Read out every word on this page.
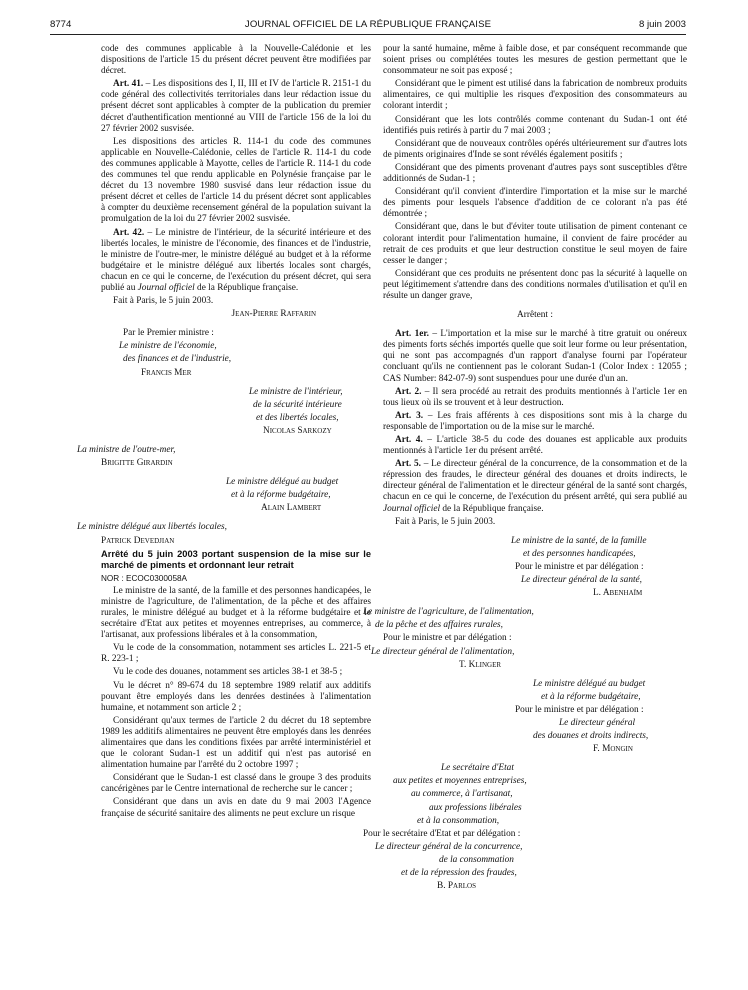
8774	JOURNAL OFFICIEL DE LA RÉPUBLIQUE FRANÇAISE	8 juin 2003

code des communes applicable à la Nouvelle-Calédonie et les dispositions de l'article 15 du présent décret peuvent être modifiées par décret.

Art. 41. – Les dispositions des I, II, III et IV de l'article R. 2151-1 du code général des collectivités territoriales dans leur rédaction issue du présent décret sont applicables à compter de la publication du premier décret d'authentification mentionné au VIII de l'article 156 de la loi du 27 février 2002 susvisée.

Les dispositions des articles R. 114-1 du code des communes applicable en Nouvelle-Calédonie, celles de l'article R. 114-1 du code des communes applicable à Mayotte, celles de l'article R. 114-1 du code des communes tel que rendu applicable en Polynésie française par le décret du 13 novembre 1980 susvisé dans leur rédaction issue du présent décret et celles de l'article 14 du présent décret sont applicables à compter du deuxième recensement général de la population suivant la promulgation de la loi du 27 février 2002 susvisée.

Art. 42. – Le ministre de l'intérieur, de la sécurité intérieure et des libertés locales, le ministre de l'économie, des finances et de l'industrie, le ministre de l'outre-mer, le ministre délégué au budget et à la réforme budgétaire et le ministre délégué aux libertés locales sont chargés, chacun en ce qui le concerne, de l'exécution du présent décret, qui sera publié au Journal officiel de la République française.

Fait à Paris, le 5 juin 2003.

Jean-Pierre Raffarin

Par le Premier ministre :

Le ministre de l'économie,

des finances et de l'industrie,

Francis Mer

Le ministre de l'intérieur,

de la sécurité intérieure

et des libertés locales,

Nicolas Sarkozy

La ministre de l'outre-mer,

Brigitte Girardin

Le ministre délégué au budget

et à la réforme budgétaire,

Alain Lambert

Le ministre délégué aux libertés locales,

Patrick Devedjian

Arrêté du 5 juin 2003 portant suspension de la mise sur le marché de piments et ordonnant leur retrait

NOR : ECOC0300058A

Le ministre de la santé, de la famille et des personnes handicapées, le ministre de l'agriculture, de l'alimentation, de la pêche et des affaires rurales, le ministre délégué au budget et à la réforme budgétaire et le secrétaire d'Etat aux petites et moyennes entreprises, au commerce, à l'artisanat, aux professions libérales et à la consommation,

Vu le code de la consommation, notamment ses articles L. 221-5 et R. 223-1 ;

Vu le code des douanes, notamment ses articles 38-1 et 38-5 ;

Vu le décret n° 89-674 du 18 septembre 1989 relatif aux additifs pouvant être employés dans les denrées destinées à l'alimentation humaine, et notamment son article 2 ;

Considérant qu'aux termes de l'article 2 du décret du 18 septembre 1989 les additifs alimentaires ne peuvent être employés dans les denrées alimentaires que dans les conditions fixées par arrêté interministériel et que le colorant Sudan-1 est un additif qui n'est pas autorisé en alimentation humaine par l'arrêté du 2 octobre 1997 ;

Considérant que le Sudan-1 est classé dans le groupe 3 des produits cancérigènes par le Centre international de recherche sur le cancer ;

Considérant que dans un avis en date du 9 mai 2003 l'Agence française de sécurité sanitaire des aliments ne peut exclure un risque

pour la santé humaine, même à faible dose, et par conséquent recommande que soient prises ou complétées toutes les mesures de gestion permettant que le consommateur ne soit pas exposé ;

Considérant que le piment est utilisé dans la fabrication de nombreux produits alimentaires, ce qui multiplie les risques d'exposition des consommateurs au colorant interdit ;

Considérant que les lots contrôlés comme contenant du Sudan-1 ont été identifiés puis retirés à partir du 7 mai 2003 ;

Considérant que de nouveaux contrôles opérés ultérieurement sur d'autres lots de piments originaires d'Inde se sont révélés également positifs ;

Considérant que des piments provenant d'autres pays sont susceptibles d'être additionnés de Sudan-1 ;

Considérant qu'il convient d'interdire l'importation et la mise sur le marché des piments pour lesquels l'absence d'addition de ce colorant n'a pas été démontrée ;

Considérant que, dans le but d'éviter toute utilisation de piment contenant ce colorant interdit pour l'alimentation humaine, il convient de faire procéder au retrait de ces produits et que leur destruction constitue le seul moyen de faire cesser le danger ;

Considérant que ces produits ne présentent donc pas la sécurité à laquelle on peut légitimement s'attendre dans des conditions normales d'utilisation et qu'il en résulte un danger grave,

Arrêtent :

Art. 1er. – L'importation et la mise sur le marché à titre gratuit ou onéreux des piments forts séchés importés quelle que soit leur forme ou leur présentation, qui ne sont pas accompagnés d'un rapport d'analyse fourni par l'opérateur concluant qu'ils ne contiennent pas le colorant Sudan-1 (Color Index : 12055 ; CAS Number: 842-07-9) sont suspendues pour une durée d'un an.

Art. 2. – Il sera procédé au retrait des produits mentionnés à l'article 1er en tous lieux où ils se trouvent et à leur destruction.

Art. 3. – Les frais afférents à ces dispositions sont mis à la charge du responsable de l'importation ou de la mise sur le marché.

Art. 4. – L'article 38-5 du code des douanes est applicable aux produits mentionnés à l'article 1er du présent arrêté.

Art. 5. – Le directeur général de la concurrence, de la consommation et de la répression des fraudes, le directeur général des douanes et droits indirects, le directeur général de l'alimentation et le directeur général de la santé sont chargés, chacun en ce qui le concerne, de l'exécution du présent arrêté, qui sera publié au Journal officiel de la République française.

Fait à Paris, le 5 juin 2003.

Le ministre de la santé, de la famille

et des personnes handicapées,

Pour le ministre et par délégation :

Le directeur général de la santé,

L. Abenhaïm

Le ministre de l'agriculture, de l'alimentation,

de la pêche et des affaires rurales,

Pour le ministre et par délégation :

Le directeur général de l'alimentation,

T. Klinger

Le ministre délégué au budget

et à la réforme budgétaire,

Pour le ministre et par délégation :

Le directeur général

des douanes et droits indirects,

F. Mongin

Le secrétaire d'Etat

aux petites et moyennes entreprises,

au commerce, à l'artisanat,

aux professions libérales

et à la consommation,

Pour le secrétaire d'Etat et par délégation :

Le directeur général de la concurrence,

de la consommation

et de la répression des fraudes,

B. Parlos
